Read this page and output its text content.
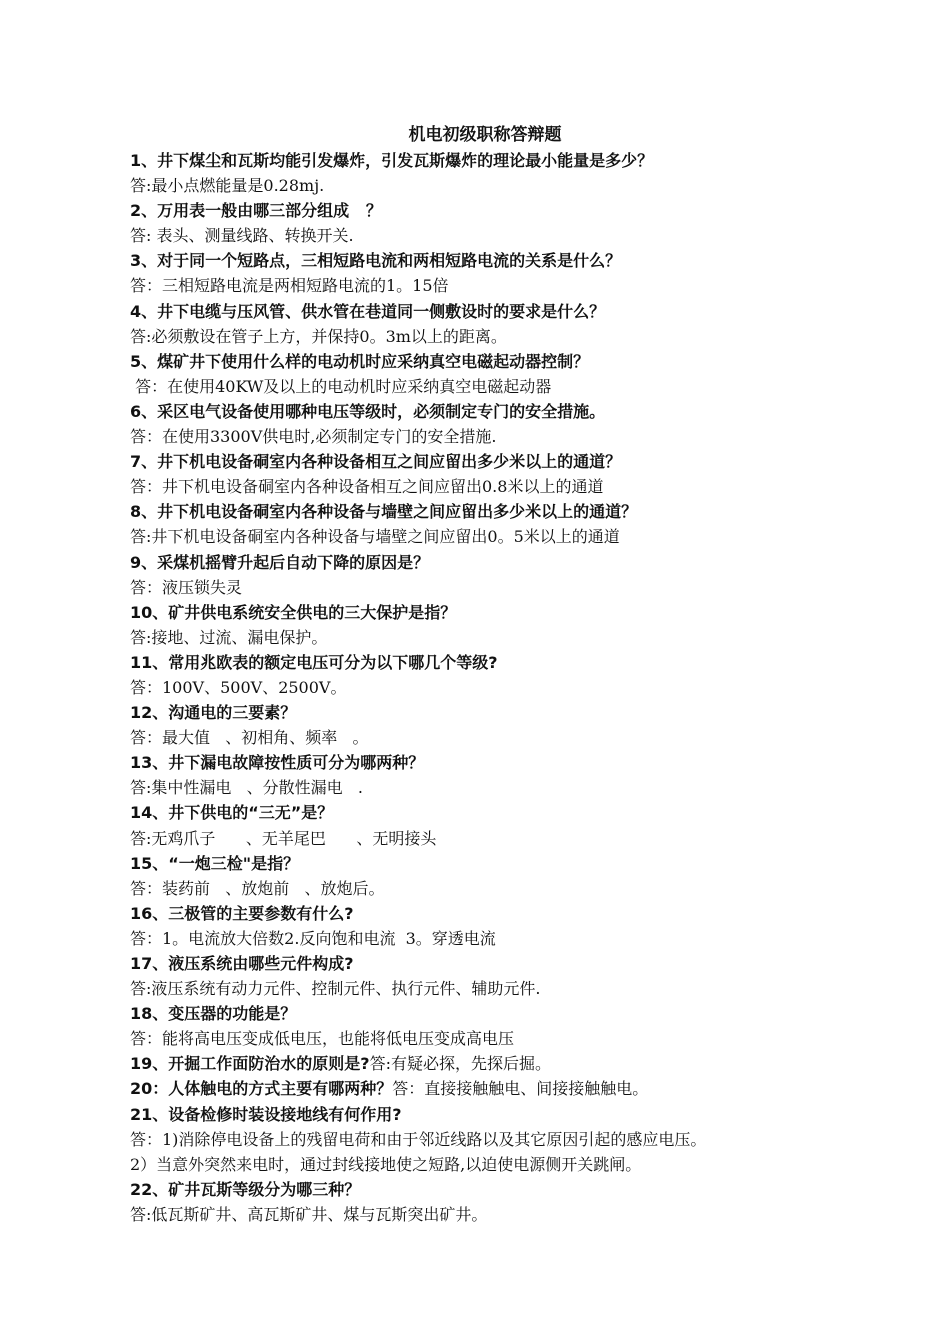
机电初级职称答辩题
1、井下煤尘和瓦斯均能引发爆炸，引发瓦斯爆炸的理论最小能量是多少？
答:最小点燃能量是0.28mj.
2、万用表一般由哪三部分组成   ？
答: 表头、测量线路、转换开关.
3、对于同一个短路点，三相短路电流和两相短路电流的关系是什么？
答：三相短路电流是两相短路电流的1。15倍
4、井下电缆与压风管、供水管在巷道同一侧敷设时的要求是什么？
答:必须敷设在管子上方，并保持0。3m以上的距离。
5、煤矿井下使用什么样的电动机时应采纳真空电磁起动器控制？
答：在使用40KW及以上的电动机时应采纳真空电磁起动器
6、采区电气设备使用哪种电压等级时，必须制定专门的安全措施。
答：在使用3300V供电时,必须制定专门的安全措施.
7、井下机电设备硐室内各种设备相互之间应留出多少米以上的通道？
答：井下机电设备硐室内各种设备相互之间应留出0.8米以上的通道
8、井下机电设备硐室内各种设备与墙壁之间应留出多少米以上的通道？
答:井下机电设备硐室内各种设备与墙壁之间应留出0。5米以上的通道
9、采煤机摇臂升起后自动下降的原因是？
答：液压锁失灵
10、矿井供电系统安全供电的三大保护是指？
答:接地、过流、漏电保护。
11、常用兆欧表的额定电压可分为以下哪几个等级?
答：100V、500V、2500V。
12、沟通电的三要素？
答：最大值   、初相角、频率   。
13、井下漏电故障按性质可分为哪两种？
答:集中性漏电   、分散性漏电   .
14、井下供电的“三无”是？
答:无鸡爪子      、无羊尾巴      、无明接头
15、“一炮三检"是指？
答：装药前   、放炮前   、放炮后。
16、三极管的主要参数有什么?
答：1。电流放大倍数2.反向饱和电流  3。穿透电流
17、液压系统由哪些元件构成?
答:液压系统有动力元件、控制元件、执行元件、辅助元件.
18、变压器的功能是？
答：能将高电压变成低电压，也能将低电压变成高电压
19、开掘工作面防治水的原则是?答:有疑必探，先探后掘。
20：人体触电的方式主要有哪两种？答：直接接触触电、间接接触触电。
21、设备检修时装设接地线有何作用?
答：1)消除停电设备上的残留电荷和由于邻近线路以及其它原因引起的感应电压。
2）当意外突然来电时，通过封线接地使之短路,以迫使电源侧开关跳闸。
22、矿井瓦斯等级分为哪三种？
答:低瓦斯矿井、高瓦斯矿井、煤与瓦斯突出矿井。
